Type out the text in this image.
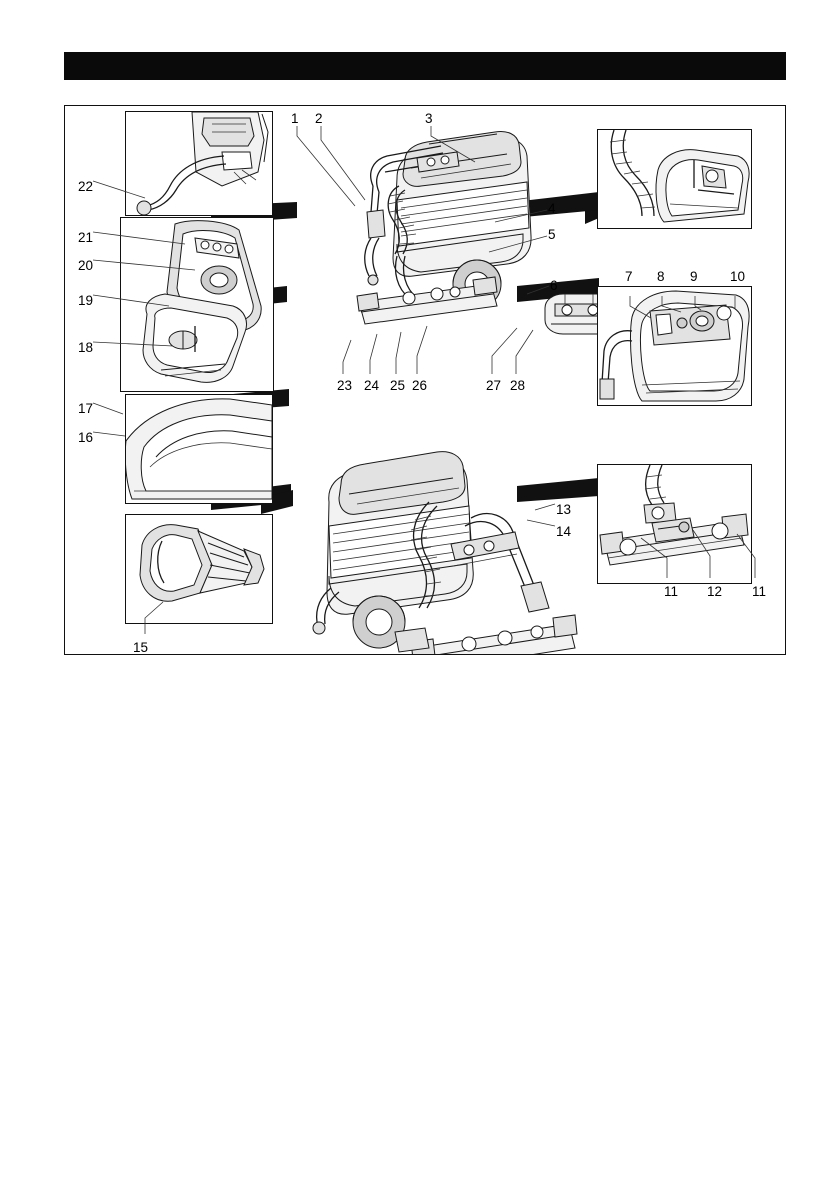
1 2	3
4
5
6
7 8 9 10
11 12 11
13
14
15
16
17
18
19
20
21
22
23 24 25 26	27 28
